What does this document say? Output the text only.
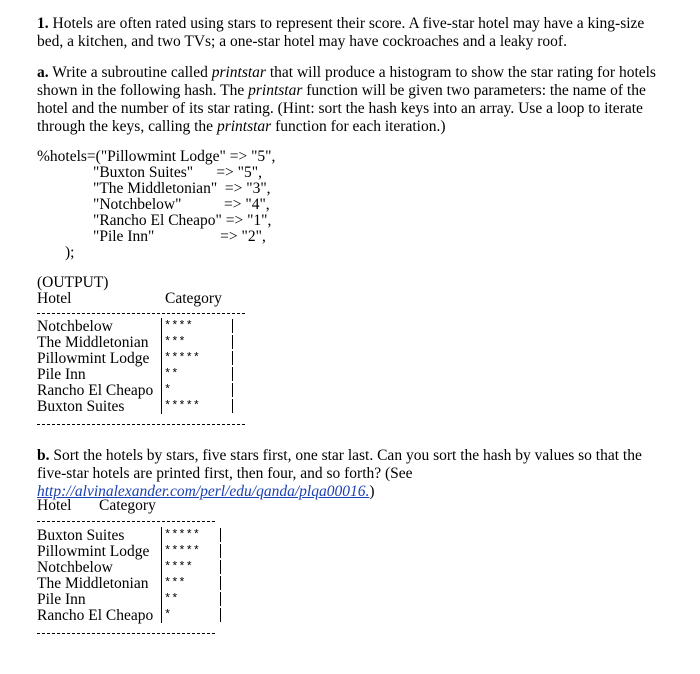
1. Hotels are often rated using stars to represent their score. A five-star hotel may have a king-size bed, a kitchen, and two TVs; a one-star hotel may have cockroaches and a leaky roof.
a. Write a subroutine called printstar that will produce a histogram to show the star rating for hotels shown in the following hash. The printstar function will be given two parameters: the name of the hotel and the number of its star rating. (Hint: sort the hash keys into an array. Use a loop to iterate through the keys, calling the printstar function for each iteration.)
%hotels=("Pillowmint Lodge" => "5",
"Buxton Suites"      => "5",
"The Middletonian"  => "3",
"Notchbelow"           => "4",
"Rancho El Cheapo" => "1",
"Pile Inn"                 => "2",
);
(OUTPUT)
Hotel	Category
Notchbelow	****
The Middletonian ***
Pillowmint Lodge *****
Pile Inn	**
Rancho El Cheapo *
Buxton Suites	*****
b. Sort the hotels by stars, five stars first, one star last. Can you sort the hash by values so that the five-star hotels are printed first, then four, and so forth? (See http://alvinalexander.com/perl/edu/qanda/plqa00016.)
Hotel Category
Buxton Suites	*****
Pillowmint Lodge *****
Notchbelow	****
The Middletonian ***
Pile Inn	**
Rancho El Cheapo *
